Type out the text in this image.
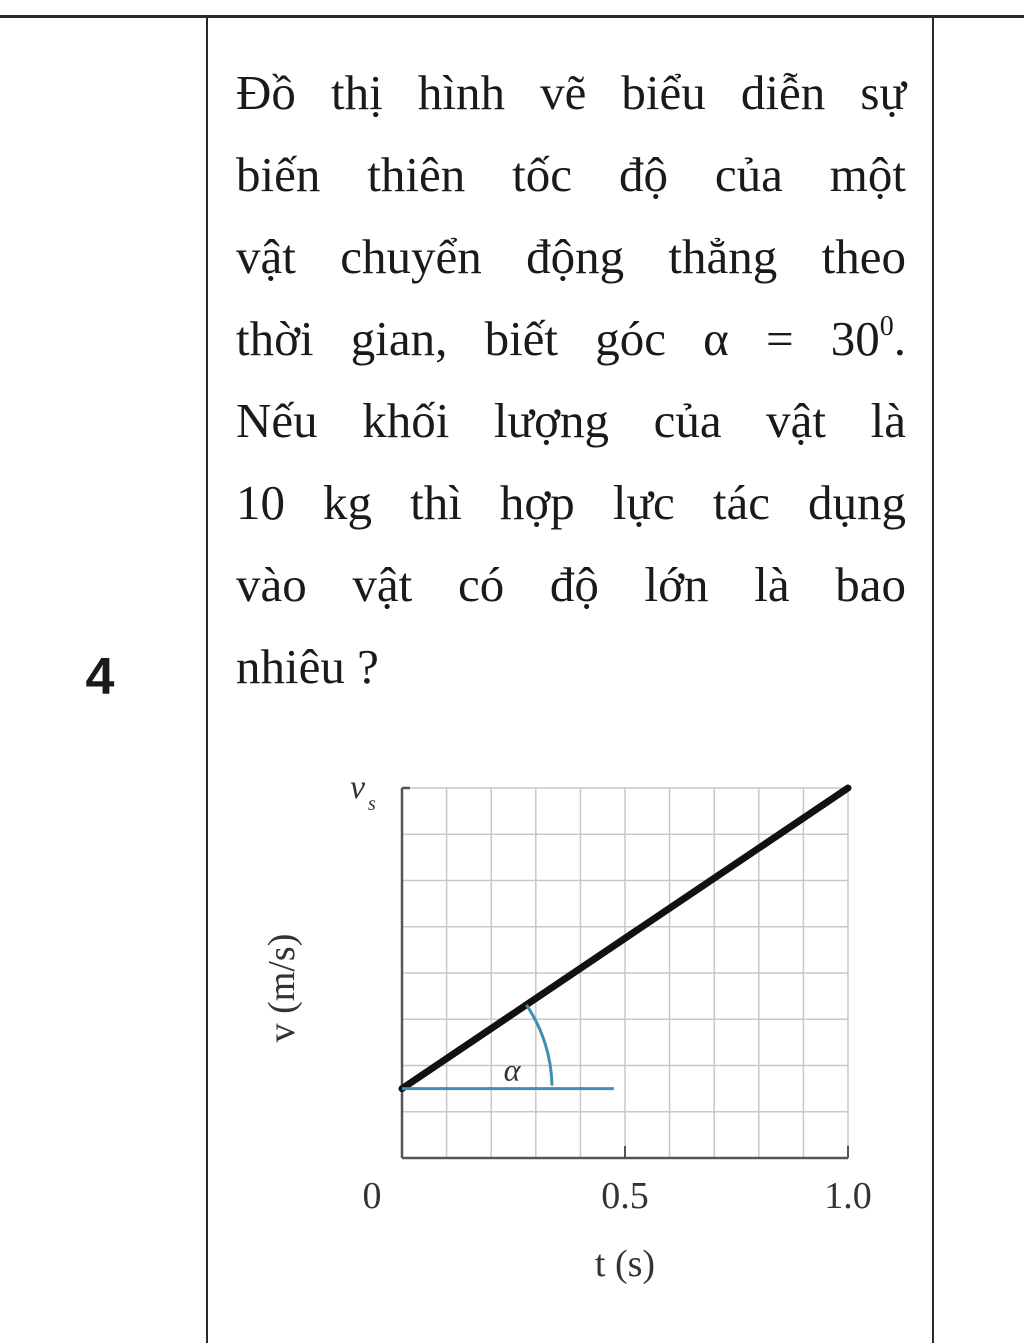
4

Đồ thị hình vẽ biểu diễn sự
biến thiên tốc độ của một
vật chuyển động thẳng theo
thời gian, biết góc $\alpha = 30^0$.
Nếu khối lượng của vật là
10 kg thì hợp lực tác dụng
vào vật có độ lớn là bao
nhiêu ?

0	0.5	1.0
α
v s
v (m/s)
t (s)
